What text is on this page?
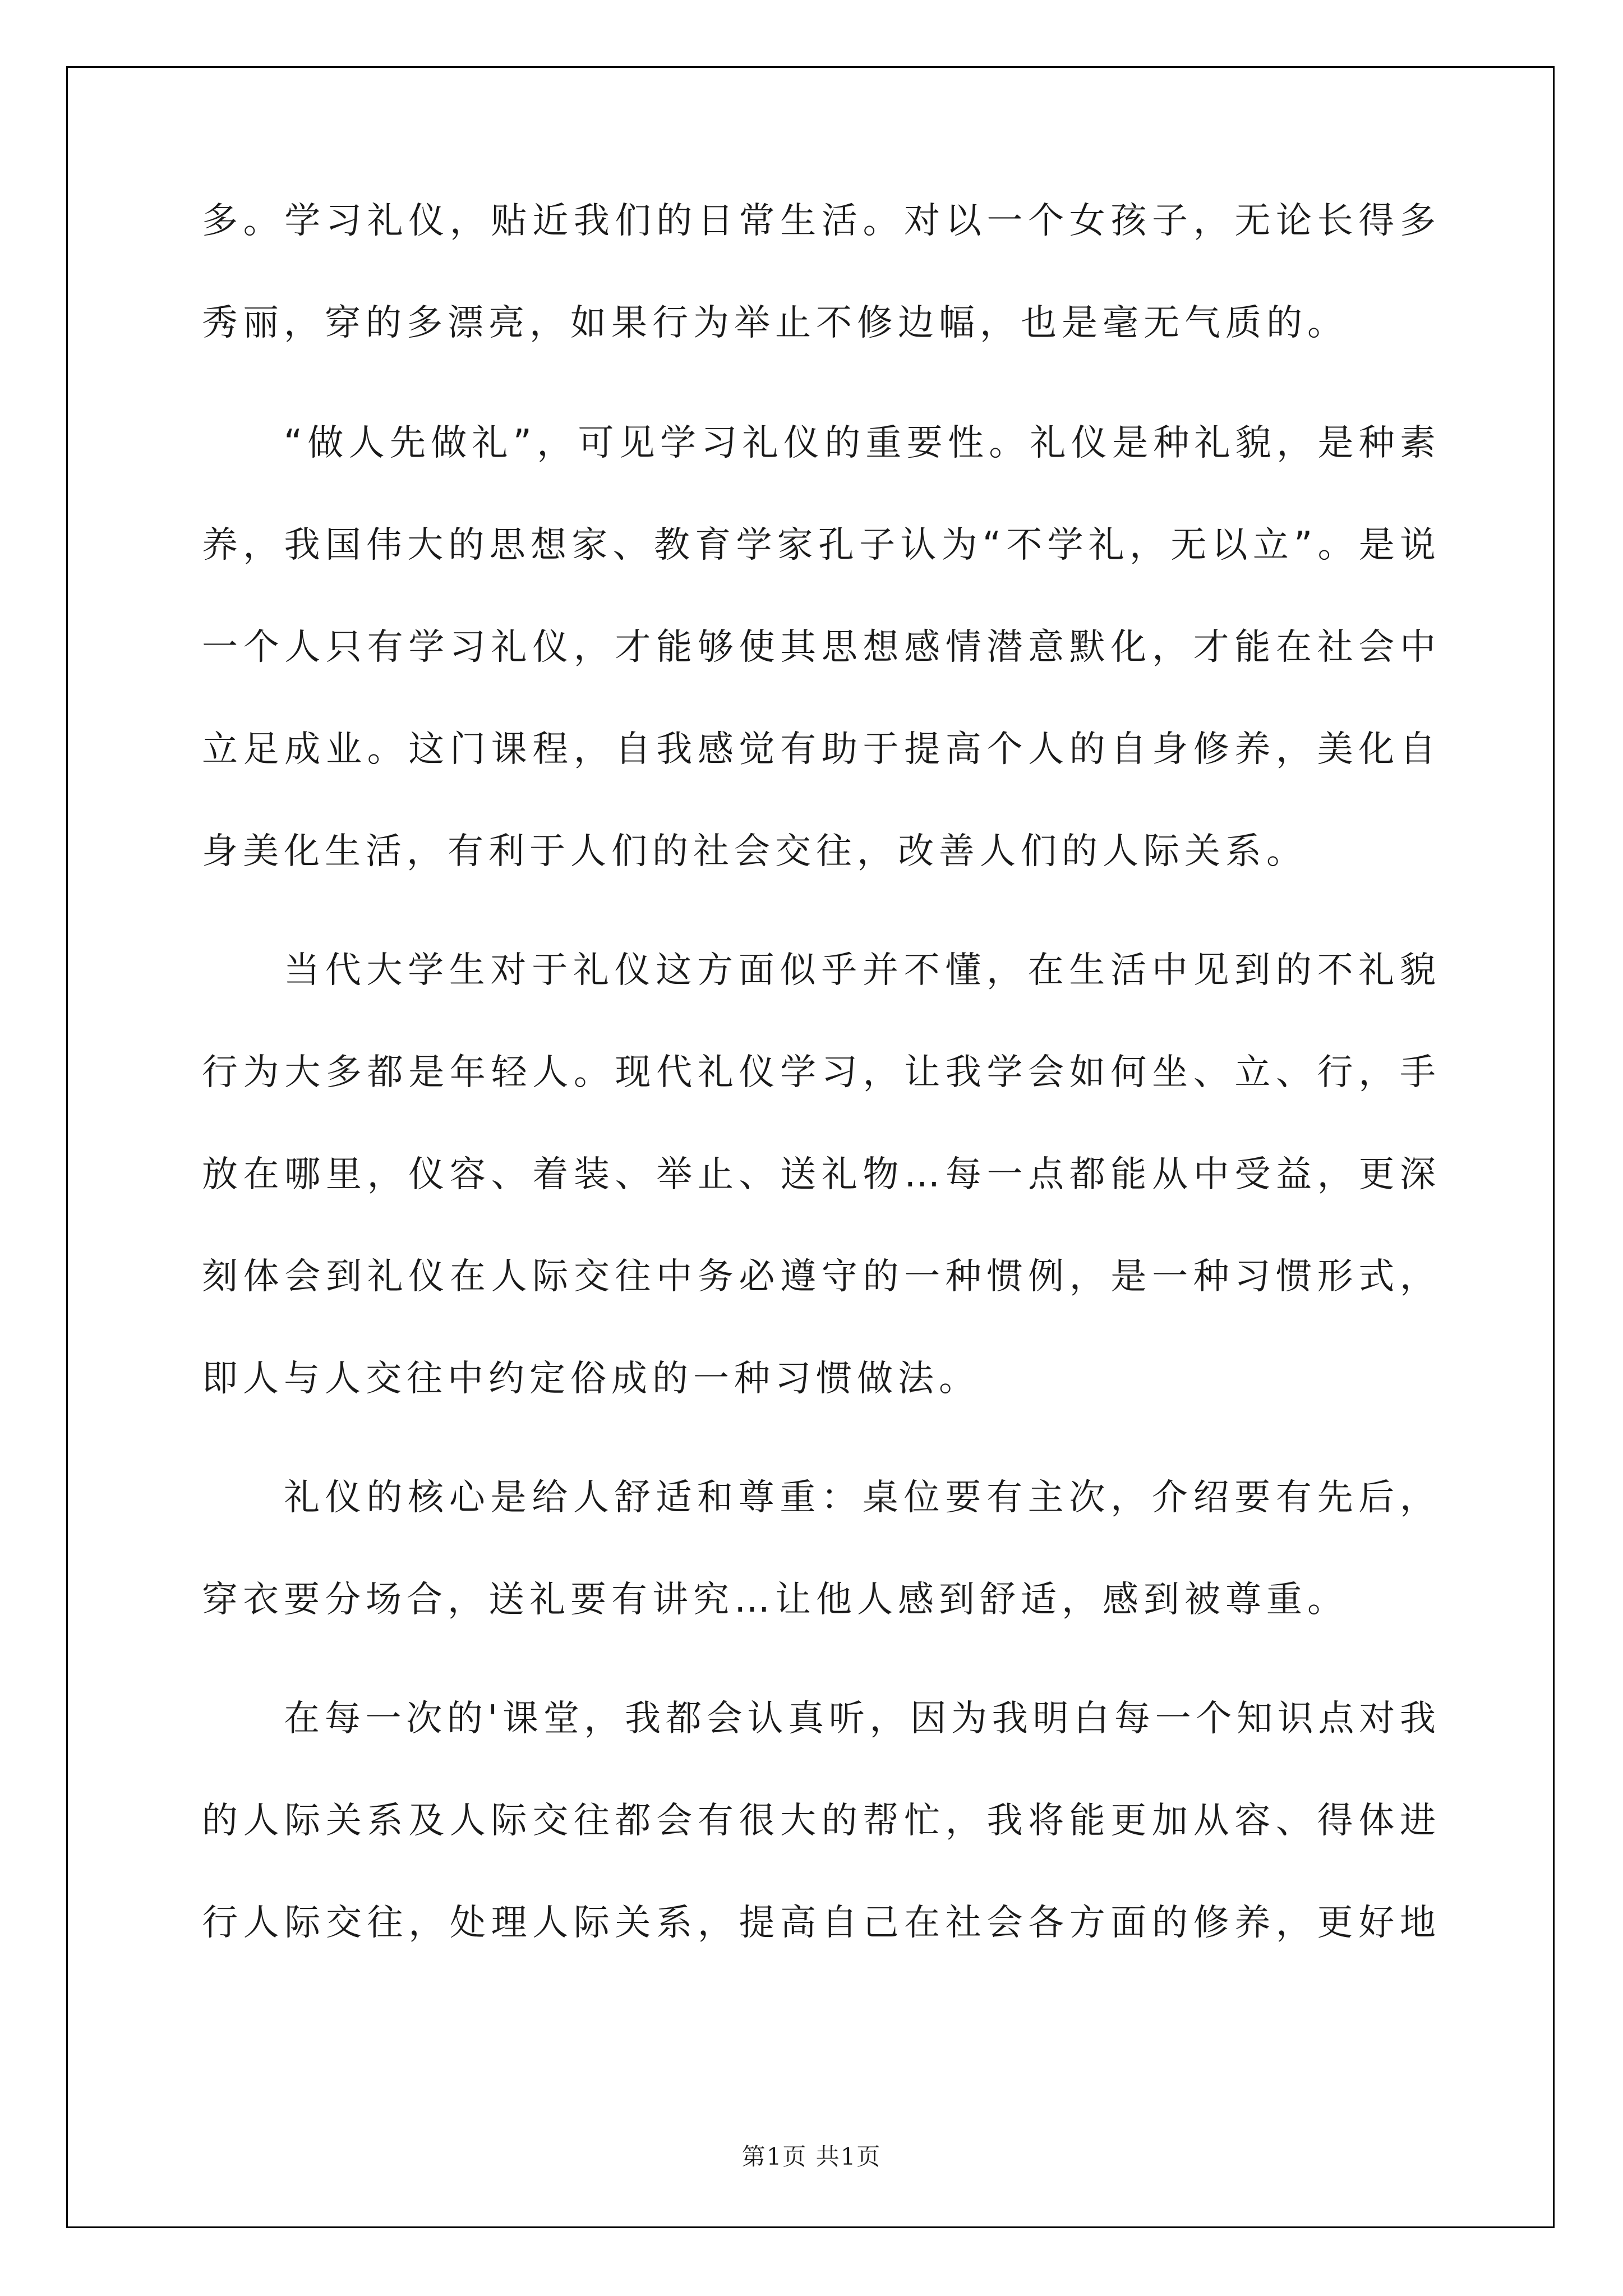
多。学习礼仪，贴近我们的日常生活。对以一个女孩子，无论长得多
秀丽，穿的多漂亮，如果行为举止不修边幅，也是毫无气质的。
“做人先做礼”，可见学习礼仪的重要性。礼仪是种礼貌，是种素
养，我国伟大的思想家、教育学家孔子认为“不学礼，无以立”。是说
一个人只有学习礼仪，才能够使其思想感情潜意默化，才能在社会中
立足成业。这门课程，自我感觉有助于提高个人的自身修养，美化自
身美化生活，有利于人们的社会交往，改善人们的人际关系。
当代大学生对于礼仪这方面似乎并不懂，在生活中见到的不礼貌
行为大多都是年轻人。现代礼仪学习，让我学会如何坐、立、行，手
放在哪里，仪容、着装、举止、送礼物…每一点都能从中受益，更深
刻体会到礼仪在人际交往中务必遵守的一种惯例，是一种习惯形式，
即人与人交往中约定俗成的一种习惯做法。
礼仪的核心是给人舒适和尊重：桌位要有主次，介绍要有先后，
穿衣要分场合，送礼要有讲究…让他人感到舒适，感到被尊重。
在每一次的'课堂，我都会认真听，因为我明白每一个知识点对我
的人际关系及人际交往都会有很大的帮忙，我将能更加从容、得体进
行人际交往，处理人际关系，提高自己在社会各方面的修养，更好地
第1页 共1页
